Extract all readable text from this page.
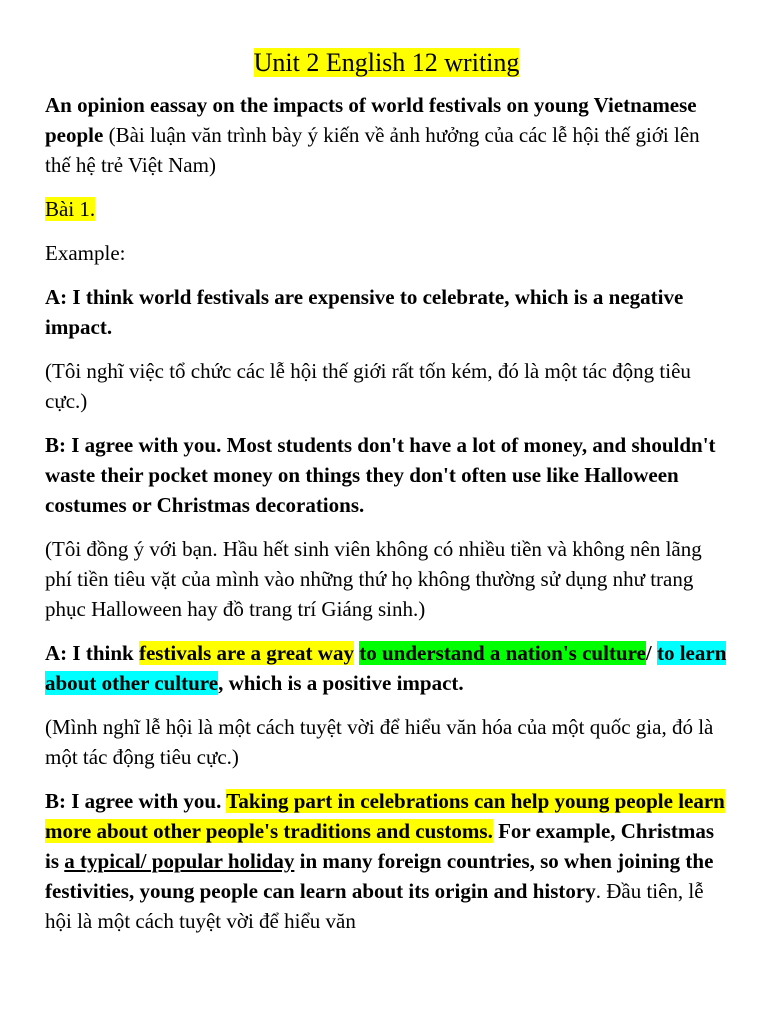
Unit 2 English 12 writing

An opinion eassay on the impacts of world festivals on young Vietnamese people (Bài luận văn trình bày ý kiến về ảnh hưởng của các lễ hội thế giới lên thế hệ trẻ Việt Nam)

Bài 1.

Example:

A: I think world festivals are expensive to celebrate, which is a negative impact.

(Tôi nghĩ việc tổ chức các lễ hội thế giới rất tốn kém, đó là một tác động tiêu cực.)

B: I agree with you. Most students don't have a lot of money, and shouldn't waste their pocket money on things they don't often use like Halloween costumes or Christmas decorations.

(Tôi đồng ý với bạn. Hầu hết sinh viên không có nhiều tiền và không nên lãng phí tiền tiêu vặt của mình vào những thứ họ không thường sử dụng như trang phục Halloween hay đồ trang trí Giáng sinh.)

A: I think festivals are a great way to understand a nation's culture/ to learn about other culture, which is a positive impact.

(Mình nghĩ lễ hội là một cách tuyệt vời để hiểu văn hóa của một quốc gia, đó là một tác động tiêu cực.)

B: I agree with you. Taking part in celebrations can help young people learn more about other people's traditions and customs. For example, Christmas is a typical/ popular holiday in many foreign countries, so when joining the festivities, young people can learn about its origin and history. Đầu tiên, lễ hội là một cách tuyệt vời để hiểu văn
